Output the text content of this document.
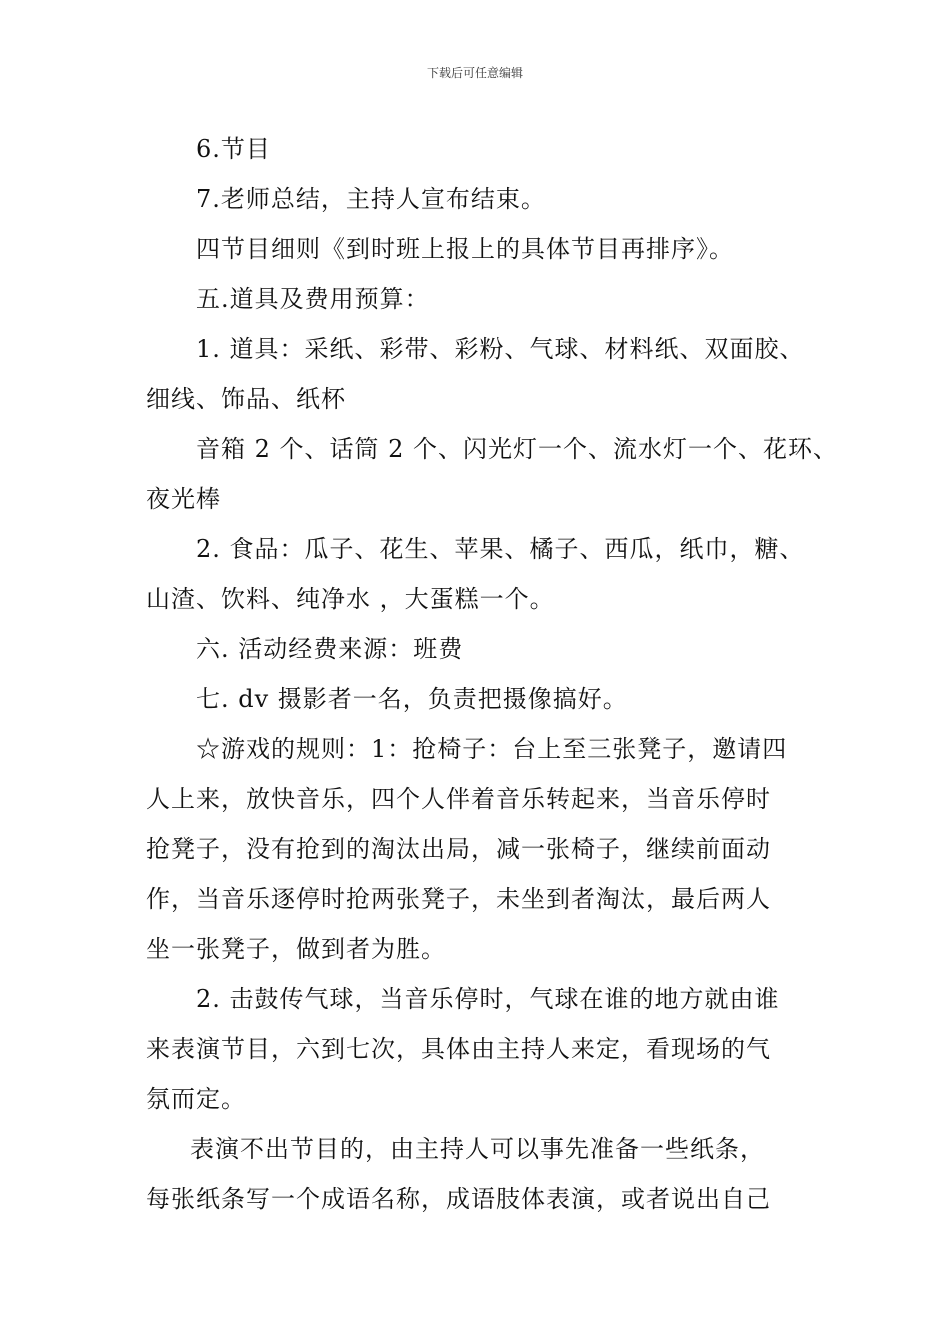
下载后可任意编辑
6.节目
7.老师总结，主持人宣布结束。
四节目细则《到时班上报上的具体节目再排序》。
五.道具及费用预算：
1. 道具：采纸、彩带、彩粉、气球、材料纸、双面胶、
细线、饰品、纸杯
音箱 2 个、话筒 2 个、闪光灯一个、流水灯一个、花环、
夜光棒
2. 食品：瓜子、花生、苹果、橘子、西瓜，纸巾，糖、
山渣、饮料、纯净水 ，大蛋糕一个。
六. 活动经费来源：班费
七. dv 摄影者一名，负责把摄像搞好。
☆游戏的规则：1：抢椅子：台上至三张凳子，邀请四
人上来，放快音乐，四个人伴着音乐转起来，当音乐停时
抢凳子，没有抢到的淘汰出局，减一张椅子，继续前面动
作，当音乐逐停时抢两张凳子，未坐到者淘汰，最后两人
坐一张凳子，做到者为胜。
2. 击鼓传气球，当音乐停时，气球在谁的地方就由谁
来表演节目，六到七次，具体由主持人来定，看现场的气
氛而定。
表演不出节目的，由主持人可以事先准备一些纸条，
每张纸条写一个成语名称，成语肢体表演，或者说出自己
